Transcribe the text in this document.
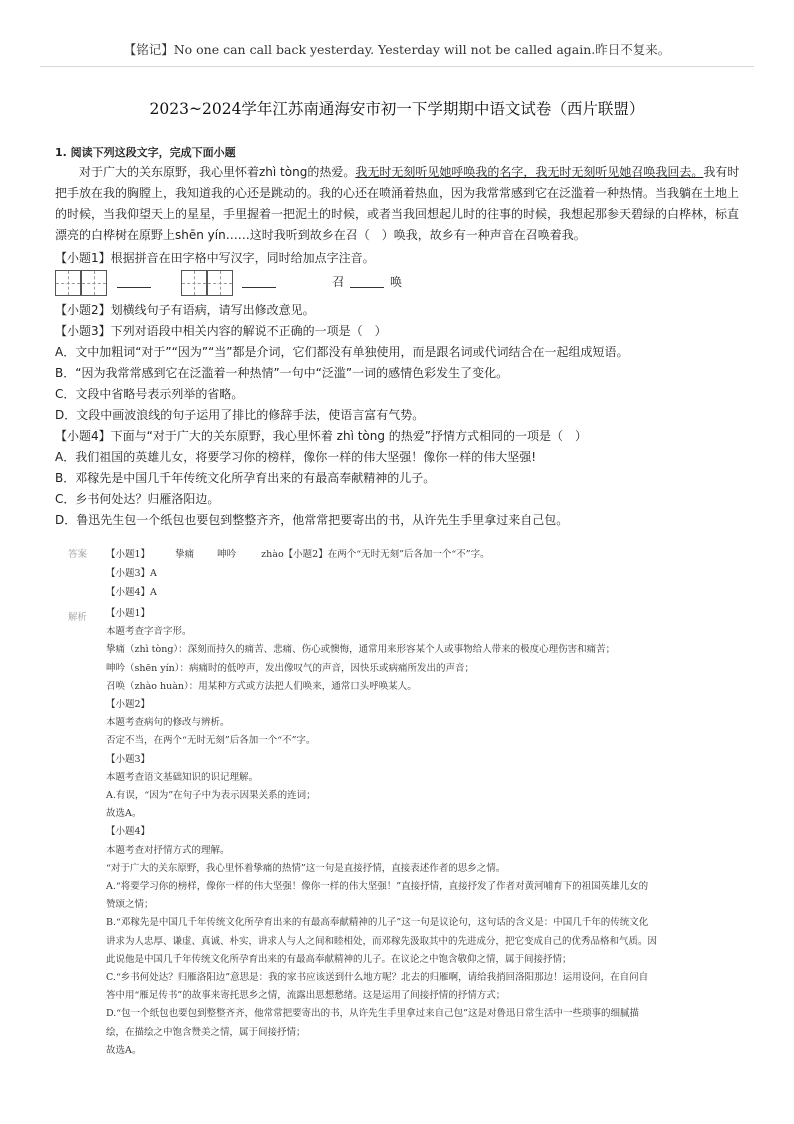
【铭记】No one can call back yesterday. Yesterday will not be called again.昨日不复来。
2023~2024学年江苏南通海安市初一下学期期中语文试卷（西片联盟）
1. 阅读下列这段文字，完成下面小题
对于广大的关东原野，我心里怀着zhì tòng的热爱。我无时无刻听见她呼唤我的名字，我无时无刻听见她召唤我回去。我有时把手放在我的胸膛上，我知道我的心还是跳动的。我的心还在喷涌着热血，因为我常常感到它在泛滥着一种热情。当我躺在土地上的时候，当我仰望天上的星星，手里握着一把泥土的时候，或者当我回想起儿时的往事的时候，我想起那参天碧绿的白桦林，标直漂亮的白桦树在原野上shēn yín……这时我听到故乡在召（　）唤我，故乡有一种声音在召唤着我。
【小题1】根据拼音在田字格中写汉字，同时给加点字注音。
召	唤
【小题2】划横线句子有语病，请写出修改意见。
【小题3】下列对语段中相关内容的解说不正确的一项是（　）
A．文中加粗词“对于”“因为”“当”都是介词，它们都没有单独使用，而是跟名词或代词结合在一起组成短语。
B．“因为我常常感到它在泛滥着一种热情”一句中“泛滥”一词的感情色彩发生了变化。
C．文段中省略号表示列举的省略。
D．文段中画波浪线的句子运用了排比的修辞手法，使语言富有气势。
【小题4】下面与“对于广大的关东原野，我心里怀着 zhì tòng 的热爱”抒情方式相同的一项是（　）
A．我们祖国的英雄儿女，将要学习你的榜样，像你一样的伟大坚强！像你一样的伟大坚强!
B．邓稼先是中国几千年传统文化所孕育出来的有最高奉献精神的儿子。
C．乡书何处达？归雁洛阳边。
D．鲁迅先生包一个纸包也要包到整整齐齐，他常常把要寄出的书，从许先生手里拿过来自己包。
答案 【小题1】	挚痛 呻吟	zhào【小题2】在两个“无时无刻”后各加一个“不”字。
【小题3】A
【小题4】A
解析 【小题1】
本题考查字音字形。
挚痛（zhì tòng）：深刻而持久的痛苦、悲痛、伤心或懊悔，通常用来形容某个人或事物给人带来的极度心理伤害和痛苦；
呻吟（shēn yín）：病痛时的低哼声，发出像叹气的声音，因快乐或病痛所发出的声音；
召唤（zhào huàn）：用某种方式或方法把人们唤来，通常口头呼唤某人。
【小题2】
本题考查病句的修改与辨析。
否定不当，在两个“无时无刻”后各加一个“不”字。
【小题3】
本题考查语文基础知识的识记理解。
A.有误，“因为”在句子中为表示因果关系的连词；
故选A。
【小题4】
本题考查对抒情方式的理解。
“对于广大的关东原野，我心里怀着挚痛的热情”这一句是直接抒情，直接表述作者的思乡之情。
A.“将要学习你的榜样，像你一样的伟大坚强！像你一样的伟大坚强！”直接抒情，直接抒发了作者对黄河哺育下的祖国英雄儿女的
赞颂之情；
B.“邓稼先是中国几千年传统文化所孕育出来的有最高奉献精神的儿子”这一句是议论句，这句话的含义是：中国几千年的传统文化
讲求为人忠厚、谦虚、真诚、朴实，讲求人与人之间和睦相处，而邓稼先汲取其中的先进成分，把它变成自己的优秀品格和气质。因
此说他是中国几千年传统文化所孕育出来的有最高奉献精神的儿子。在议论之中饱含敬仰之情，属于间接抒情；
C.“乡书何处达？归雁洛阳边”意思是：我的家书应该送到什么地方呢？北去的归雁啊，请给我捎回洛阳那边！运用设问，在自问自
答中用“雁足传书”的故事来寄托思乡之情，流露出思想愁绪。这是运用了间接抒情的抒情方式；
D.“包一个纸包也要包到整整齐齐，他常常把要寄出的书，从许先生手里拿过来自己包”这是对鲁迅日常生活中一些琐事的细腻描
绘，在描绘之中饱含赞美之情，属于间接抒情；
故选A。
